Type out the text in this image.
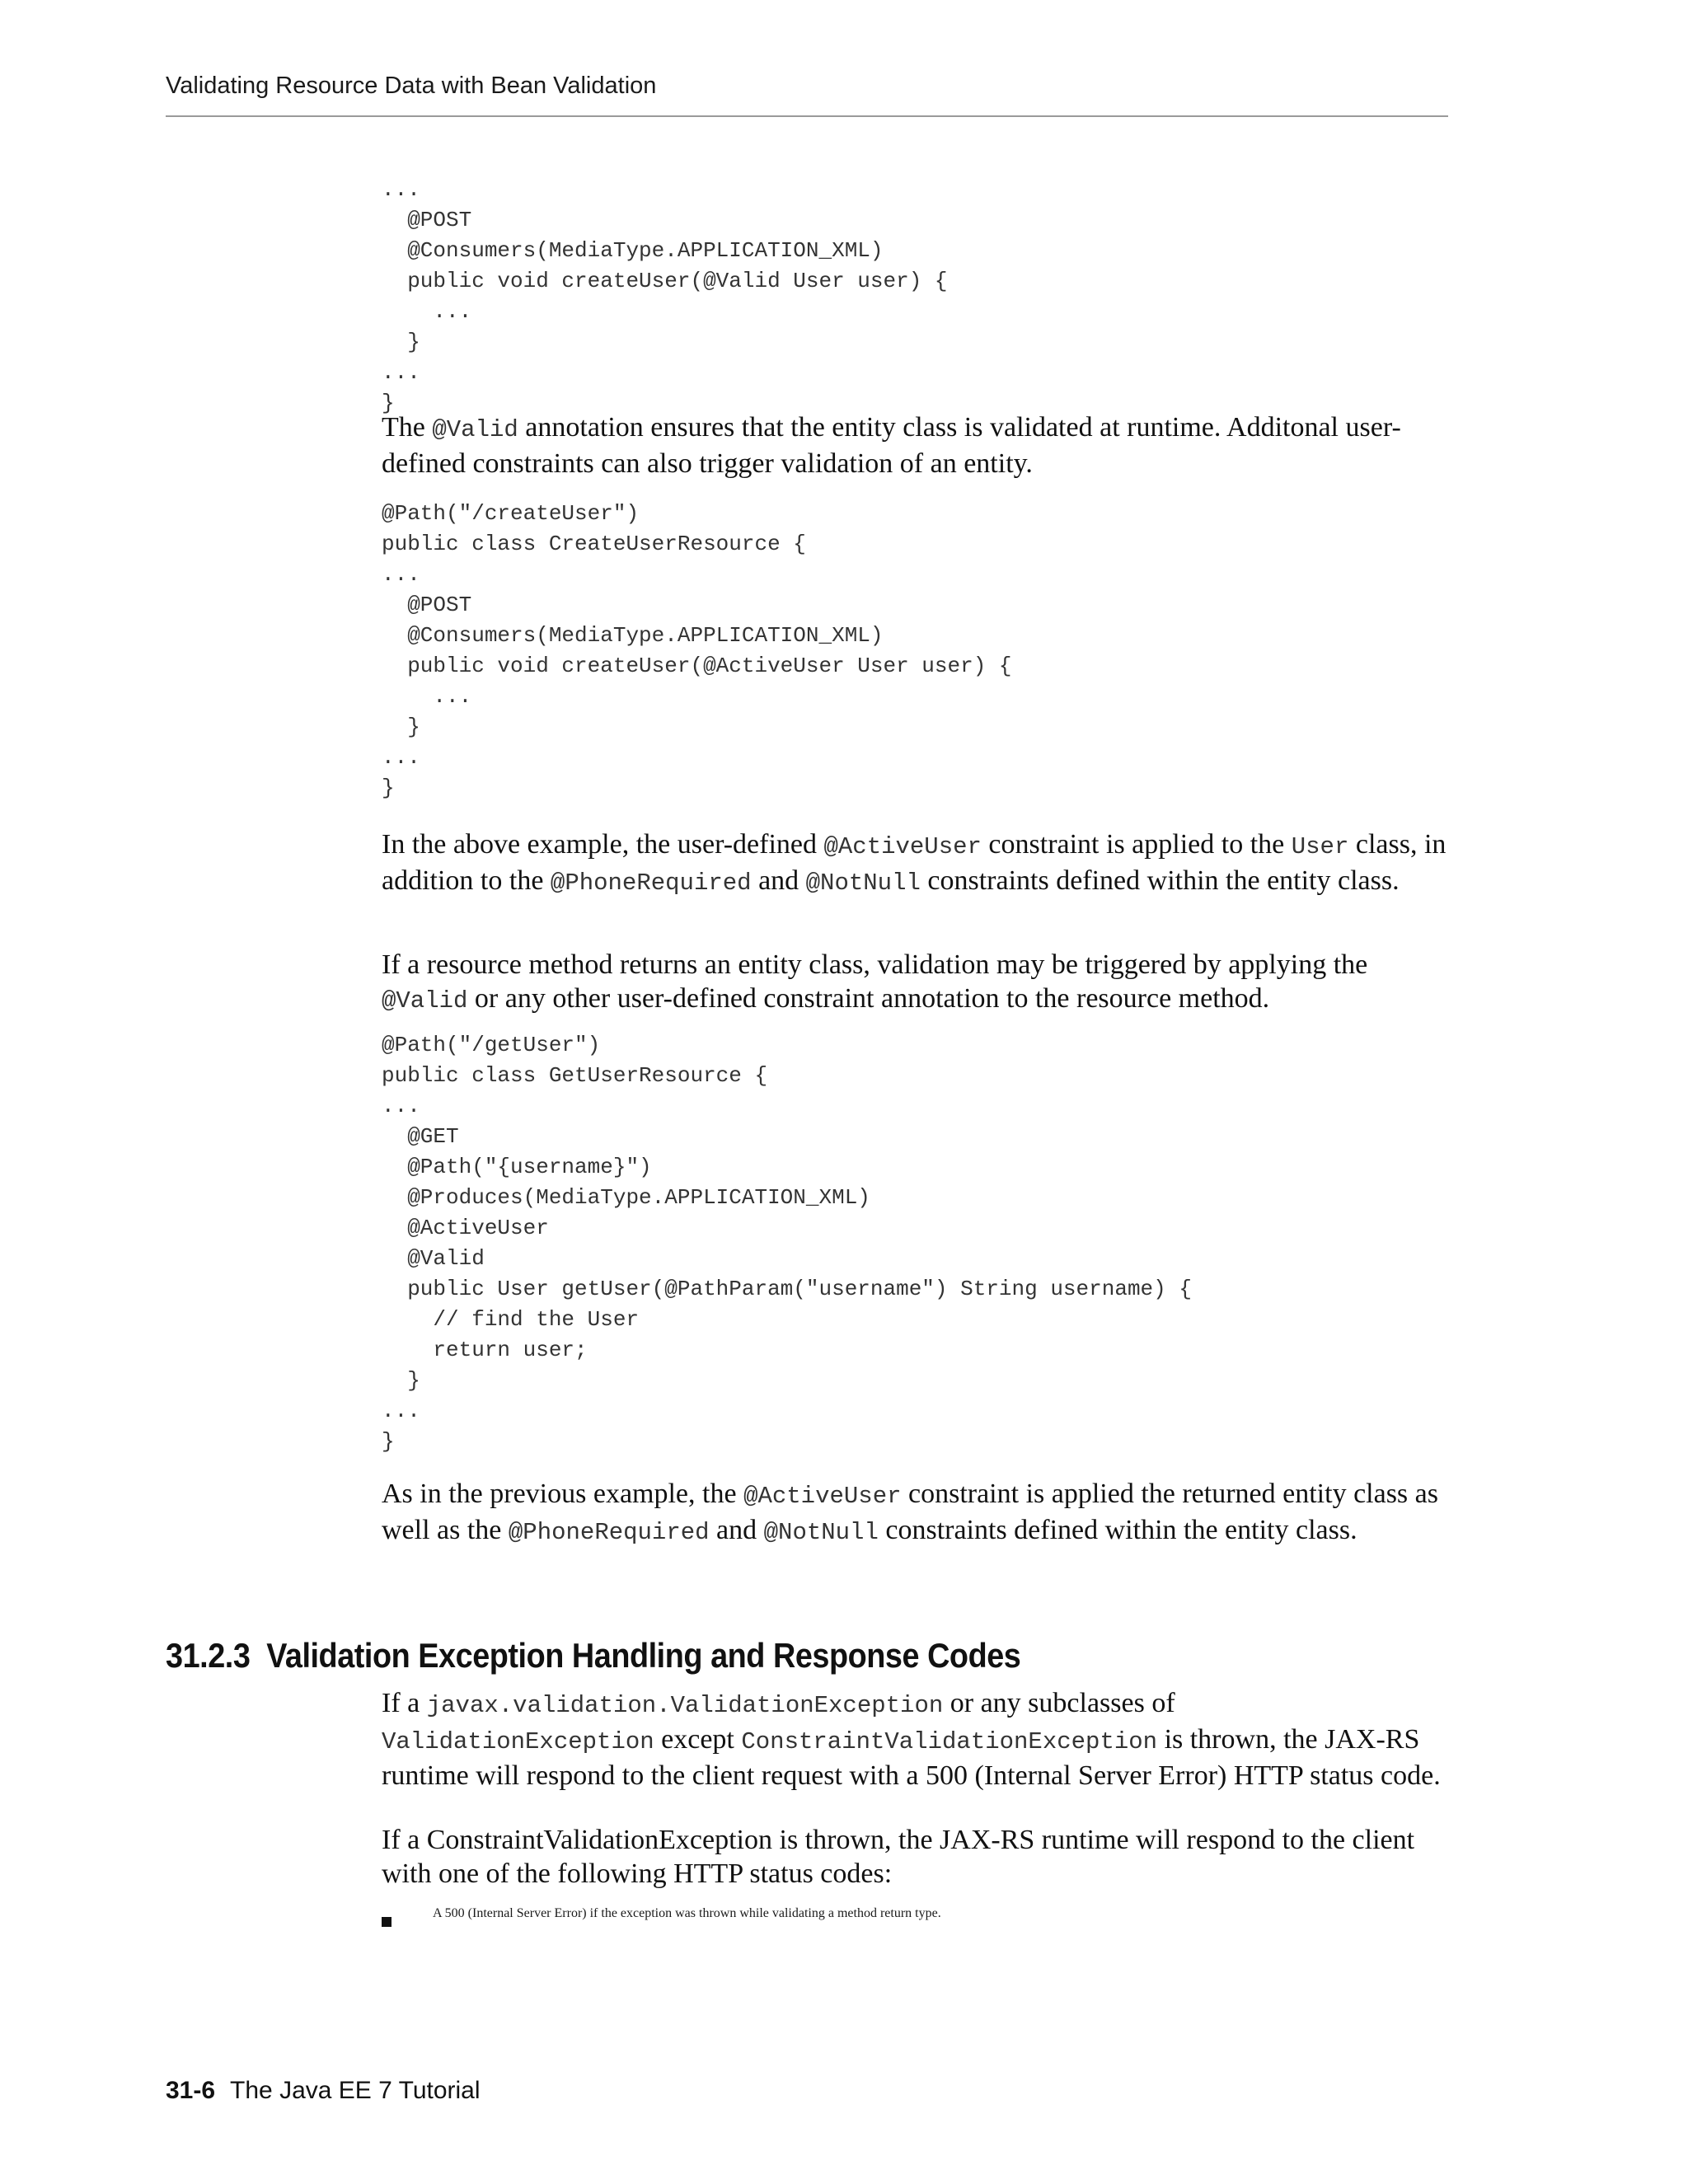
Validating Resource Data with Bean Validation
...
@POST
@Consumers(MediaType.APPLICATION_XML)
public void createUser(@Valid User user) {
...
}
...
}

The @Valid annotation ensures that the entity class is validated at runtime. Additonal user-defined constraints can also trigger validation of an entity.

@Path("/createUser")
public class CreateUserResource {
...
@POST
@Consumers(MediaType.APPLICATION_XML)
public void createUser(@ActiveUser User user) {
...
}
...
}

In the above example, the user-defined @ActiveUser constraint is applied to the User class, in addition to the @PhoneRequired and @NotNull constraints defined within the entity class.

If a resource method returns an entity class, validation may be triggered by applying the @Valid or any other user-defined constraint annotation to the resource method.

@Path("/getUser")
public class GetUserResource {
...
@GET
@Path("{username}")
@Produces(MediaType.APPLICATION_XML)
@ActiveUser
@Valid
public User getUser(@PathParam("username") String username) {
// find the User
return user;
}
...
}

As in the previous example, the @ActiveUser constraint is applied the returned entity class as well as the @PhoneRequired and @NotNull constraints defined within the entity class.

31.2.3 Validation Exception Handling and Response Codes

If a javax.validation.ValidationException or any subclasses of ValidationException except ConstraintValidationException is thrown, the JAX-RS runtime will respond to the client request with a 500 (Internal Server Error) HTTP status code.

If a ConstraintValidationException is thrown, the JAX-RS runtime will respond to the client with one of the following HTTP status codes:

A 500 (Internal Server Error) if the exception was thrown while validating a method return type.
31-6 The Java EE 7 Tutorial
